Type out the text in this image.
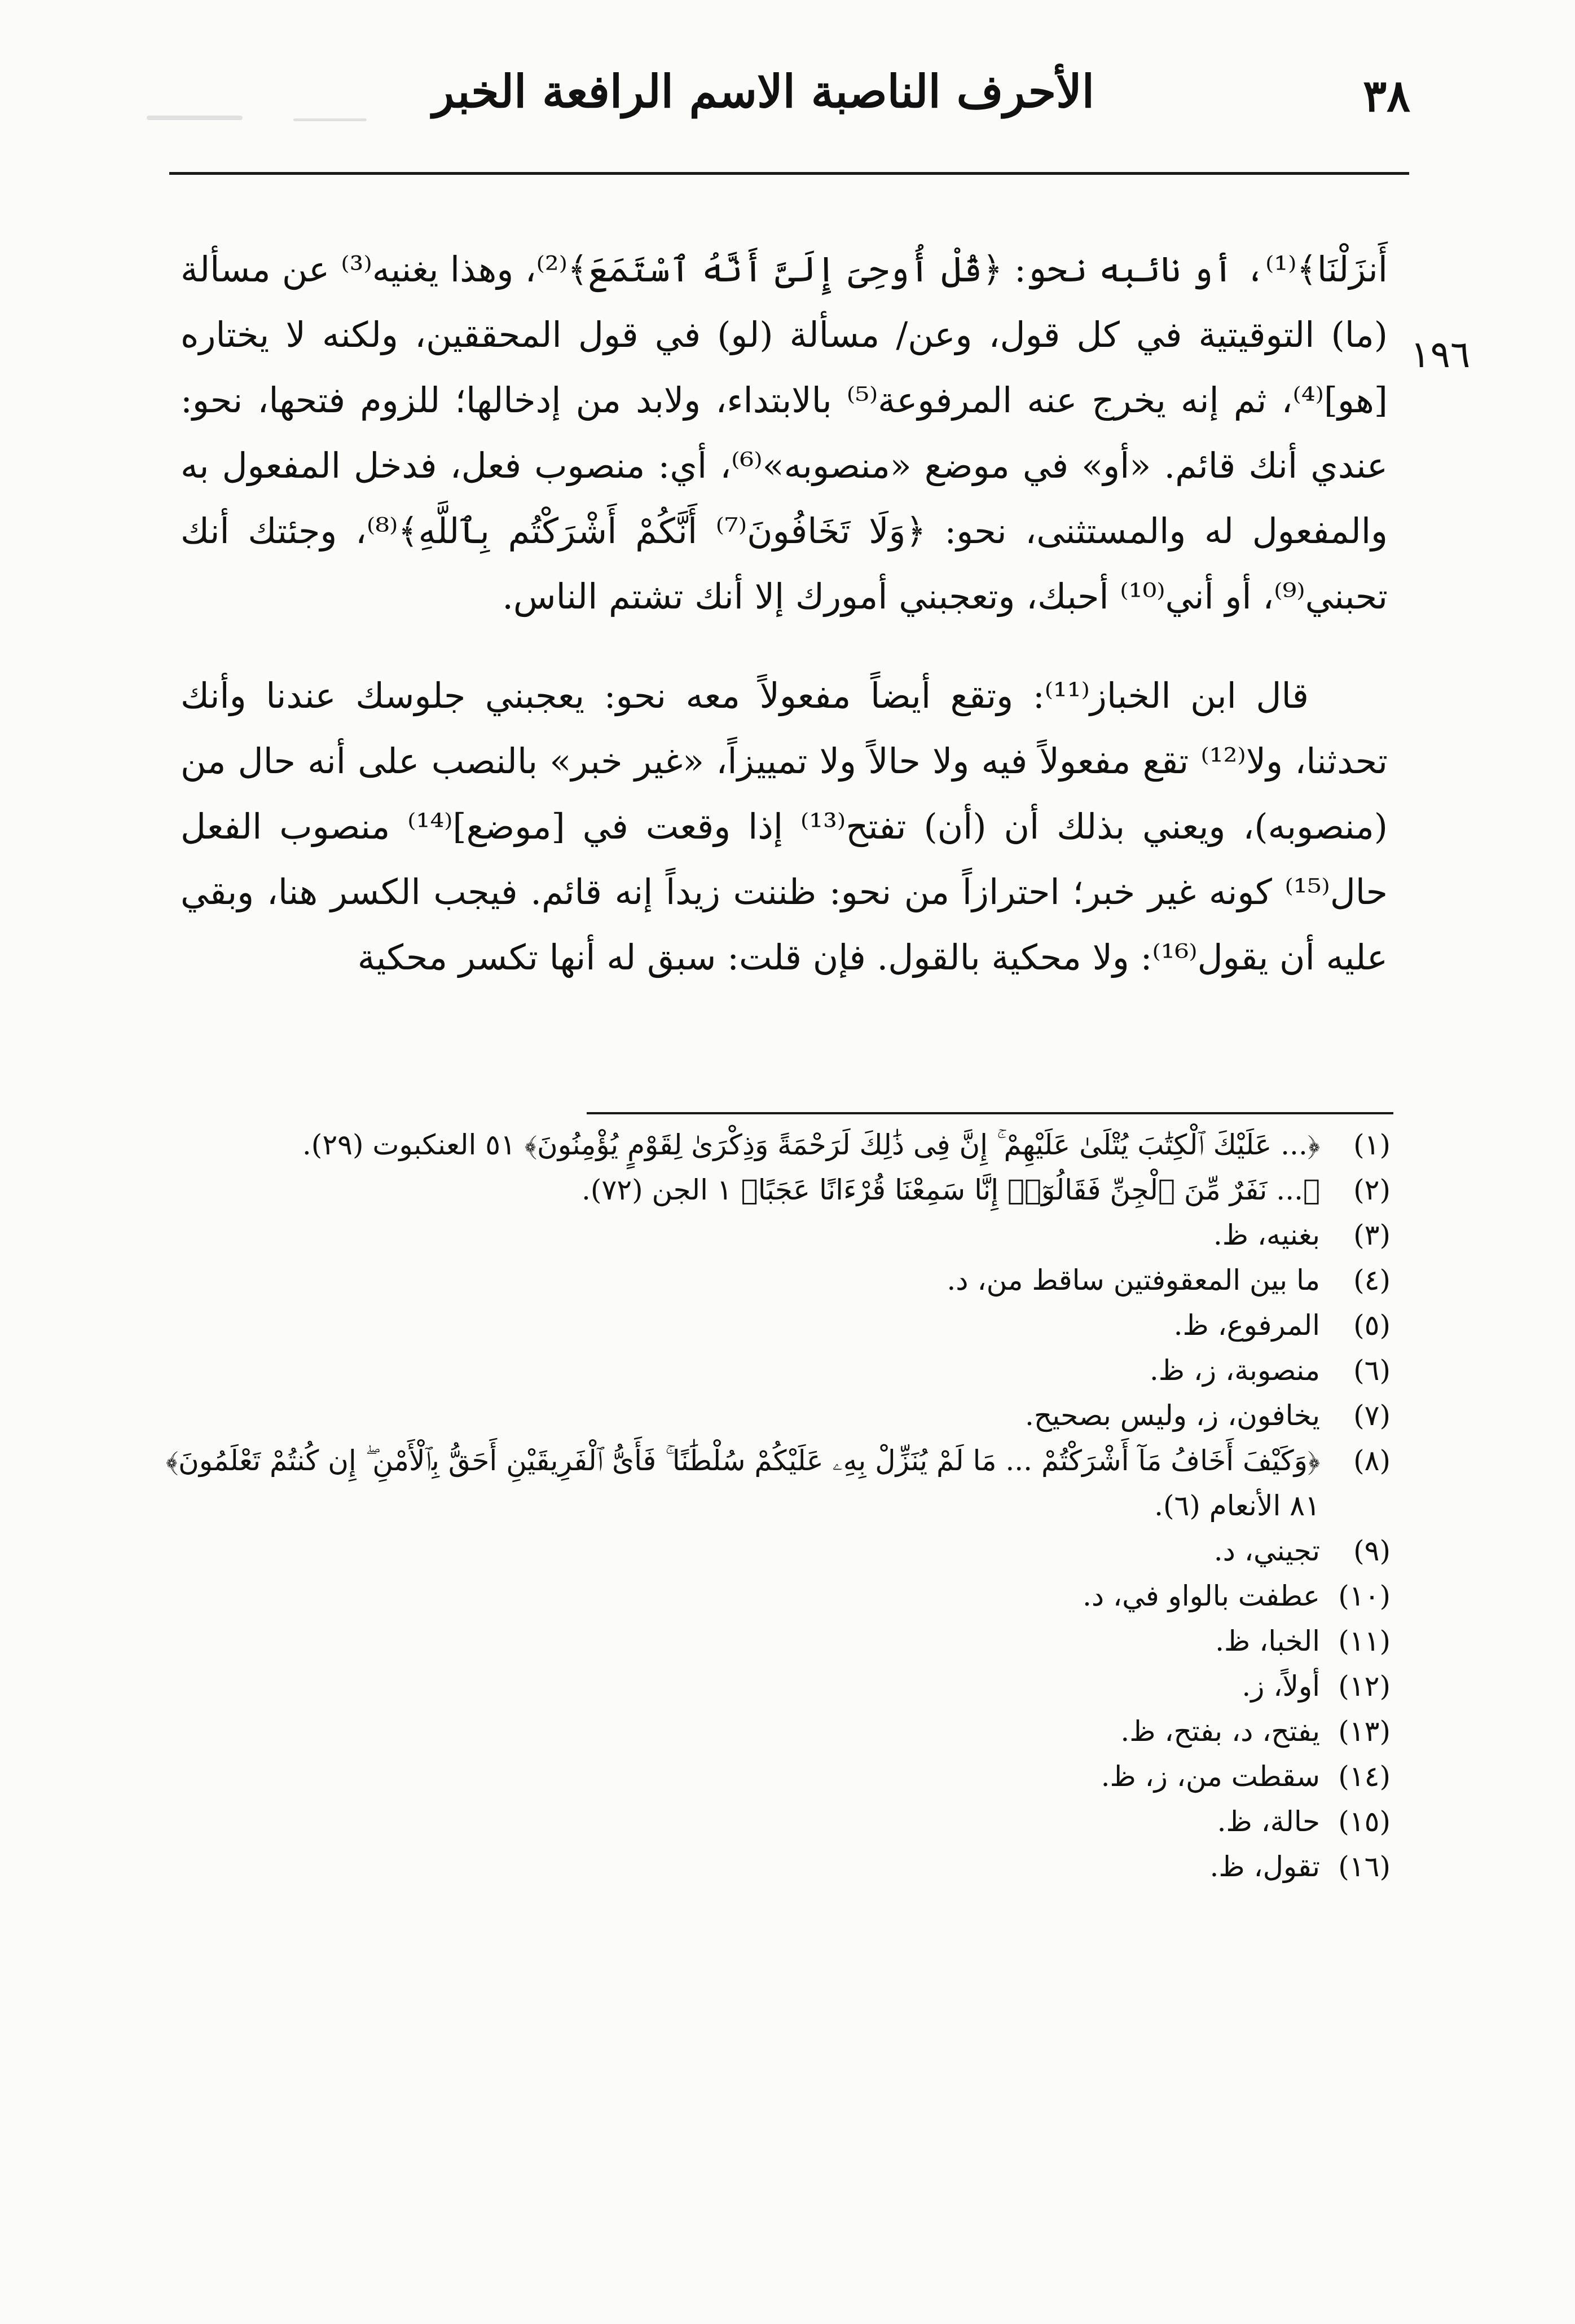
٣٨
الأحرف الناصبة الاسم الرافعة الخبر
١٩٦

أَنزَلْنَا﴾⁽¹⁾، أو نائبه نحو: ﴿قُلْ أُوحِىَ إِلَىَّ أَنَّهُ ٱسْتَمَعَ﴾⁽²⁾، وهذا يغنيه⁽³⁾ عن مسألة (ما) التوقيتية في كل قول، وعن/ مسألة (لو) في قول المحققين، ولكنه لا يختاره [هو]⁽⁴⁾، ثم إنه يخرج عنه المرفوعة⁽⁵⁾ بالابتداء، ولابد من إدخالها؛ للزوم فتحها، نحو: عندي أنك قائم. «أو» في موضع «منصوبه»⁽⁶⁾، أي: منصوب فعل، فدخل المفعول به والمفعول له والمستثنى، نحو: ﴿وَلَا تَخَافُونَ⁽⁷⁾ أَنَّكُمْ أَشْرَكْتُم بِٱللَّهِ﴾⁽⁸⁾، وجئتك أنك تحبني⁽⁹⁾، أو أني⁽¹⁰⁾ أحبك، وتعجبني أمورك إلا أنك تشتم الناس.

قال ابن الخباز⁽¹¹⁾: وتقع أيضاً مفعولاً معه نحو: يعجبني جلوسك عندنا وأنك تحدثنا، ولا⁽¹²⁾ تقع مفعولاً فيه ولا حالاً ولا تمييزاً، «غير خبر» بالنصب على أنه حال من (منصوبه)، ويعني بذلك أن (أن) تفتح⁽¹³⁾ إذا وقعت في [موضع]⁽¹⁴⁾ منصوب الفعل حال⁽¹⁵⁾ كونه غير خبر؛ احترازاً من نحو: ظننت زيداً إنه قائم. فيجب الكسر هنا، وبقي عليه أن يقول⁽¹⁶⁾: ولا محكية بالقول. فإن قلت: سبق له أنها تكسر محكية

(١)
﴿... عَلَيْكَ ٱلْكِتَٰبَ يُتْلَىٰ عَلَيْهِمْ ۚ إِنَّ فِى ذَٰلِكَ لَرَحْمَةً وَذِكْرَىٰ لِقَوْمٍ يُؤْمِنُونَ﴾ ٥١ العنكبوت (٢٩).
(٢)
﴿... نَفَرٌ مِّنَ ٱلْجِنِّ فَقَالُوٓا۟ إِنَّا سَمِعْنَا قُرْءَانًا عَجَبًا﴾ ١ الجن (٧٢).
(٣)
بغنيه، ظ.
(٤)
ما بين المعقوفتين ساقط من، د.
(٥)
المرفوع، ظ.
(٦)
منصوبة، ز، ظ.
(٧)
يخافون، ز، وليس بصحيح.
(٨)
﴿وَكَيْفَ أَخَافُ مَآ أَشْرَكْتُمْ ... مَا لَمْ يُنَزِّلْ بِهِۦ عَلَيْكُمْ سُلْطَٰنًا ۚ فَأَىُّ ٱلْفَرِيقَيْنِ أَحَقُّ بِٱلْأَمْنِ ۖ إِن كُنتُمْ تَعْلَمُونَ﴾ ٨١ الأنعام (٦).
(٩)
تجيني، د.
(١٠)
عطفت بالواو في، د.
(١١)
الخبا، ظ.
(١٢)
أولاً، ز.
(١٣)
يفتح، د، بفتح، ظ.
(١٤)
سقطت من، ز، ظ.
(١٥)
حالة، ظ.
(١٦)
تقول، ظ.
